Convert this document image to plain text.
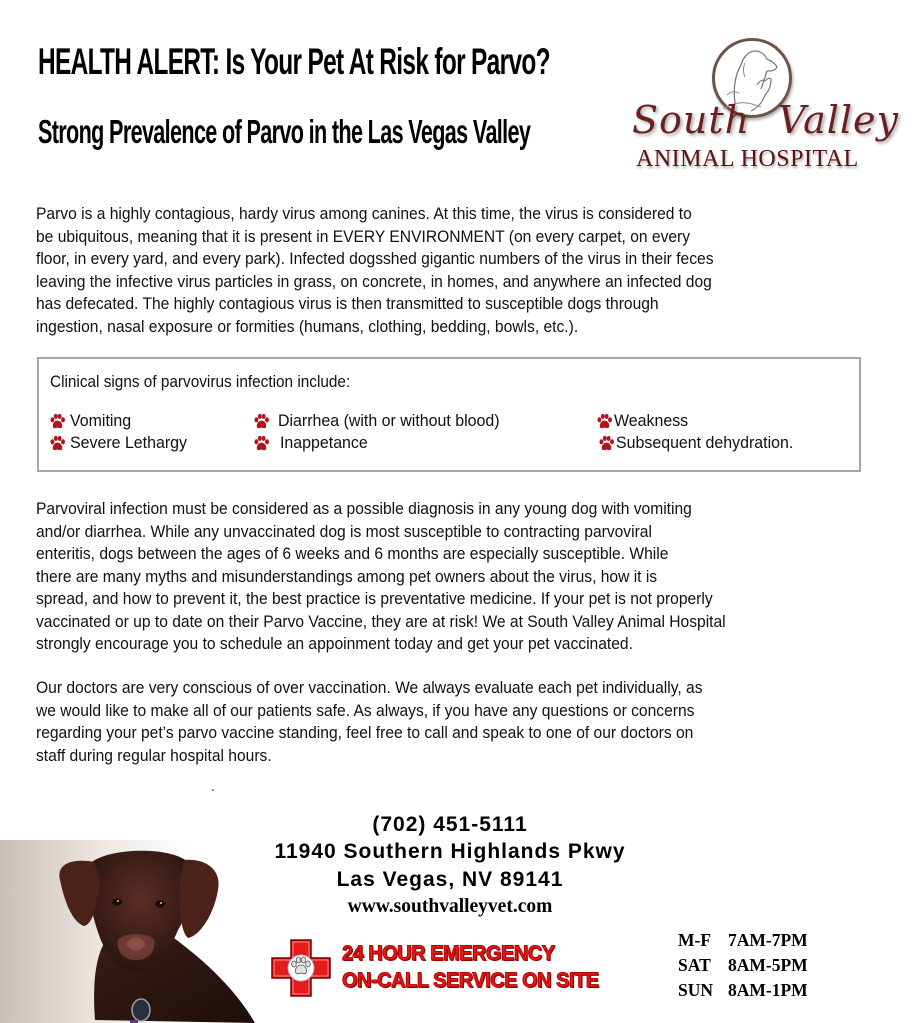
HEALTH ALERT: Is Your Pet At Risk for Parvo?
Strong Prevalence of Parvo in the Las Vegas Valley	South Valley
ANIMAL HOSPITAL
Parvo is a highly contagious, hardy virus among canines. At this time, the virus is considered to
be ubiquitous, meaning that it is present in EVERY ENVIRONMENT (on every carpet, on every
floor, in every yard, and every park). Infected dogsshed gigantic numbers of the virus in their feces
leaving the infective virus particles in grass, on concrete, in homes, and anywhere an infected dog
has defecated. The highly contagious virus is then transmitted to susceptible dogs through
ingestion, nasal exposure or formities (humans, clothing, bedding, bowls, etc.).
Clinical signs of parvovirus infection include:
Vomiting
Severe Lethargy
Diarrhea (with or without blood)
Inappetance
Weakness
Subsequent dehydration.
Parvoviral infection must be considered as a possible diagnosis in any young dog with vomiting
and/or diarrhea. While any unvaccinated dog is most susceptible to contracting parvoviral
enteritis, dogs between the ages of 6 weeks and 6 months are especially susceptible. While
there are many myths and misunderstandings among pet owners about the virus, how it is
spread, and how to prevent it, the best practice is preventative medicine. If your pet is not properly
vaccinated or up to date on their Parvo Vaccine, they are at risk! We at South Valley Animal Hospital
strongly encourage you to schedule an appoinment today and get your pet vaccinated.
Our doctors are very conscious of over vaccination. We always evaluate each pet individually, as
we would like to make all of our patients safe. As always, if you have any questions or concerns
regarding your pet’s parvo vaccine standing, feel free to call and speak to one of our doctors on
staff during regular hospital hours.
(702) 451-5111
11940 Southern Highlands Pkwy
Las Vegas, NV 89141
www.southvalleyvet.com
24 HOUR EMERGENCY
ON-CALL SERVICE ON SITE
M-F 7AM-7PM
SAT 8AM-5PM
SUN 8AM-1PM
